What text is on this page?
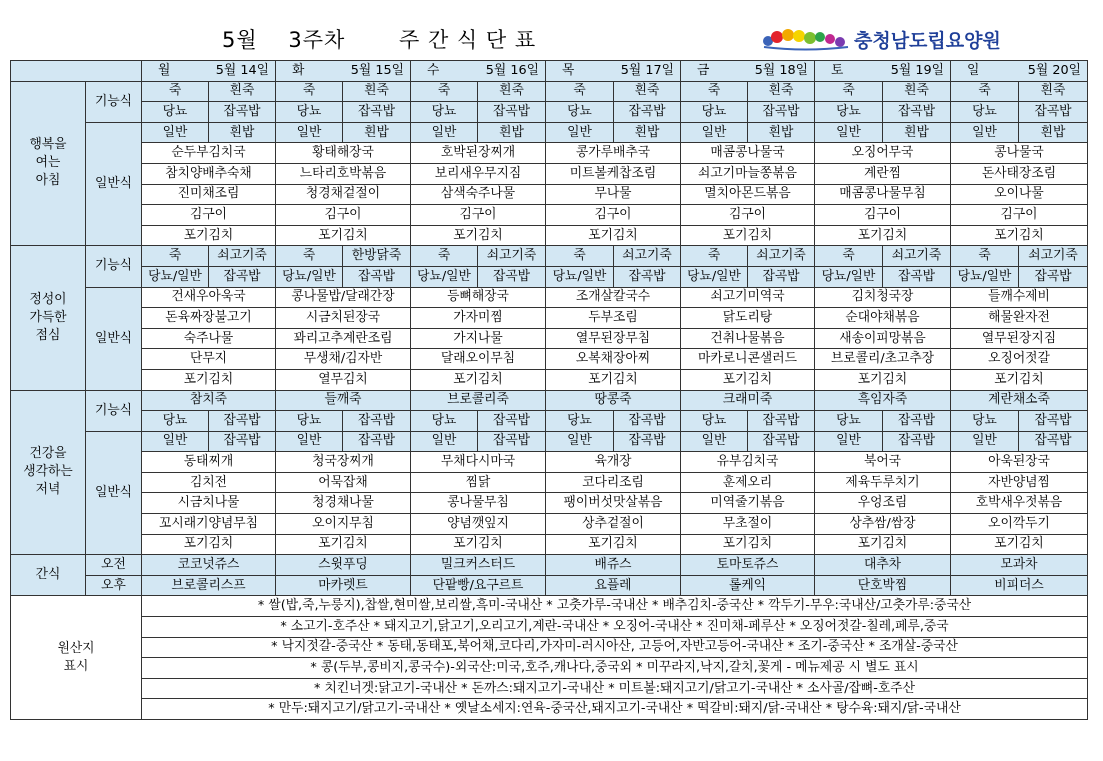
5월    3주차       주 간 식 단 표	충청남도립요양원

		월 5월 14일		화 5월 15일		수 5월 16일		목 5월 17일		금 5월 18일		토 5월 19일		일 5월 20일	

행복을
여는
아침	기능식	죽	흰죽	죽	흰죽	죽	흰죽	죽	흰죽	죽	흰죽	죽	흰죽	죽	흰죽
		당뇨	잡곡밥	당뇨	잡곡밥	당뇨	잡곡밥	당뇨	잡곡밥	당뇨	잡곡밥	당뇨	잡곡밥	당뇨	잡곡밥
	일반식	일반	흰밥	일반	흰밥	일반	흰밥	일반	흰밥	일반	흰밥	일반	흰밥	일반	흰밥
		순두부김치국		황태해장국		호박된장찌개		콩가루배추국		매콤콩나물국		오징어무국		콩나물국	
		참치양배추숙채		느타리호박볶음		보리새우무지짐		미트볼케찹조림		쇠고기마늘쫑볶음		계란찜		돈사태장조림	
		진미채조림		청경채겉절이		삼색숙주나물		무나물		멸치아몬드볶음		매콤콩나물무침		오이나물	
		김구이		김구이		김구이		김구이		김구이		김구이		김구이	
		포기김치		포기김치		포기김치		포기김치		포기김치		포기김치		포기김치	
정성이
가득한
점심	기능식	죽	쇠고기죽	죽	한방닭죽	죽	쇠고기죽	죽	쇠고기죽	죽	쇠고기죽	죽	쇠고기죽	죽	쇠고기죽
		당뇨/일반	잡곡밥	당뇨/일반	잡곡밥	당뇨/일반	잡곡밥	당뇨/일반	잡곡밥	당뇨/일반	잡곡밥	당뇨/일반	잡곡밥	당뇨/일반	잡곡밥
	일반식	건새우아욱국		콩나물밥/달래간장		등뼈해장국		조개살칼국수		쇠고기미역국		김치청국장		들깨수제비	
		돈육짜장불고기		시금치된장국		가자미찜		두부조림		닭도리탕		순대야채볶음		해물완자전	
		숙주나물		꽈리고추계란조림		가지나물		열무된장무침		건취나물볶음		새송이피망볶음		열무된장지짐	
		단무지		무생채/김자반		달래오이무침		오복채장아찌		마카로니콘샐러드		브로콜리/초고추장		오징어젓갈	
		포기김치		열무김치		포기김치		포기김치		포기김치		포기김치		포기김치	
건강을
생각하는
저녁	기능식	참치죽		들깨죽		브로콜리죽		땅콩죽		크래미죽		흑임자죽		계란채소죽	
		당뇨	잡곡밥	당뇨	잡곡밥	당뇨	잡곡밥	당뇨	잡곡밥	당뇨	잡곡밥	당뇨	잡곡밥	당뇨	잡곡밥
	일반식	일반	잡곡밥	일반	잡곡밥	일반	잡곡밥	일반	잡곡밥	일반	잡곡밥	일반	잡곡밥	일반	잡곡밥
		동태찌개		청국장찌개		무채다시마국		육개장		유부김치국		북어국		아욱된장국	
		김치전		어묵잡채		찜닭		코다리조림		훈제오리		제육두루치기		자반양념찜	
		시금치나물		청경채나물		콩나물무침		팽이버섯맛살볶음		미역줄기볶음		우엉조림		호박새우젓볶음	
		꼬시래기양념무침		오이지무침		양념깻잎지		상추겉절이		무초절이		상추쌈/쌈장		오이깍두기	
		포기김치		포기김치		포기김치		포기김치		포기김치		포기김치		포기김치	
간식	오전	코코넛쥬스		스윗푸딩		밀크커스터드		배쥬스		토마토쥬스		대추차		모과차	
	오후	브로콜리스프		마카렛트		단팥빵/요구르트		요플레		롤케익		단호박찜		비피더스	
원산지
표시		* 쌀(밥,죽,누룽지),찹쌀,현미쌀,보리쌀,흑미-국내산 * 고춧가루-국내산 * 배추김치-중국산 * 깍두기-무우:국내산/고춧가루:중국산													
		* 소고기-호주산 * 돼지고기,닭고기,오리고기,계란-국내산 * 오징어-국내산 * 진미채-페루산 * 오징어젓갈-칠레,페루,중국													
		* 낙지젓갈-중국산 * 동태,동태포,북어채,코다리,가자미-러시아산, 고등어,자반고등어-국내산 * 조기-중국산 * 조개살-중국산													
		* 콩(두부,콩비지,콩국수)-외국산:미국,호주,캐나다,중국외 * 미꾸라지,낙지,갈치,꽃게 - 메뉴제공 시 별도 표시													
		* 치킨너겟:닭고기-국내산 * 돈까스:돼지고기-국내산 * 미트볼:돼지고기/닭고기-국내산 * 소사골/잡뼈-호주산													
		* 만두:돼지고기/닭고기-국내산 * 옛날소세지:연육-중국산,돼지고기-국내산 * 떡갈비:돼지/닭-국내산 * 탕수육:돼지/닭-국내산													
